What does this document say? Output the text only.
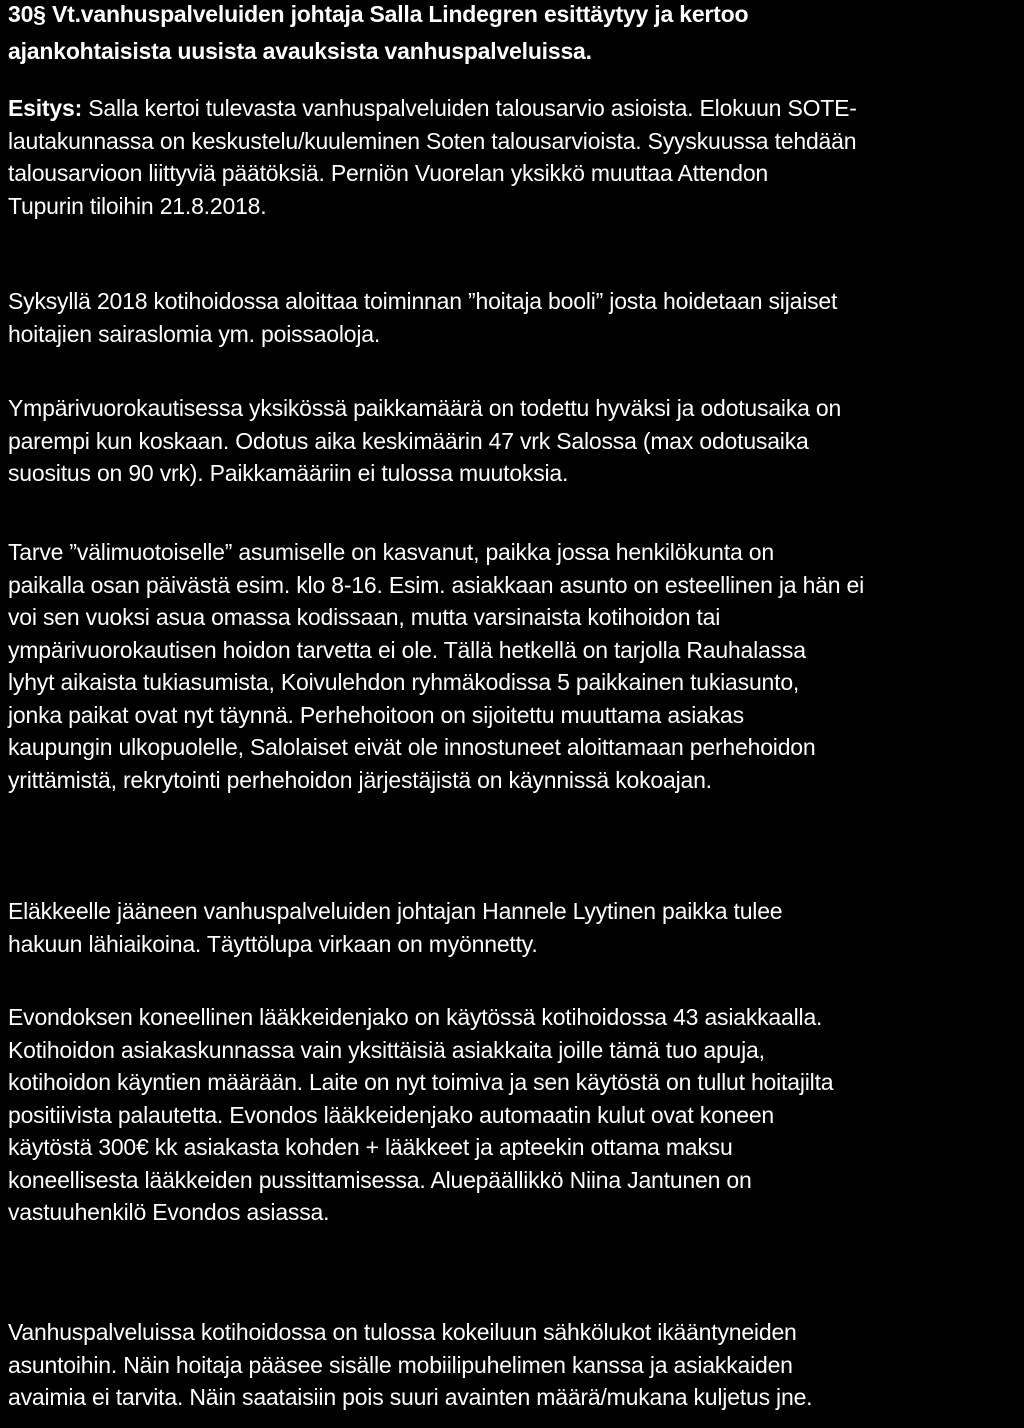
30§ Vt.vanhuspalveluiden johtaja Salla Lindegren esittäytyy ja kertoo
ajankohtaisista uusista avauksista vanhuspalveluissa.
Esitys: Salla kertoi tulevasta vanhuspalveluiden talousarvio asioista. Elokuun SOTE-
lautakunnassa on keskustelu/kuuleminen Soten talousarvioista. Syyskuussa tehdään
talousarvioon liittyviä päätöksiä. Perniön Vuorelan yksikkö muuttaa Attendon
Tupurin tiloihin 21.8.2018.
Syksyllä 2018 kotihoidossa aloittaa toiminnan ”hoitaja booli” josta hoidetaan sijaiset
hoitajien sairaslomia ym. poissaoloja.
Ympärivuorokautisessa yksikössä paikkamäärä on todettu hyväksi ja odotusaika on
parempi kun koskaan. Odotus aika keskimäärin 47 vrk Salossa (max odotusaika
suositus on 90 vrk). Paikkamääriin ei tulossa muutoksia.
Tarve ”välimuotoiselle” asumiselle on kasvanut, paikka jossa henkilökunta on
paikalla osan päivästä esim. klo 8-16. Esim. asiakkaan asunto on esteellinen ja hän ei
voi sen vuoksi asua omassa kodissaan, mutta varsinaista kotihoidon tai
ympärivuorokautisen hoidon tarvetta ei ole. Tällä hetkellä on tarjolla Rauhalassa
lyhyt aikaista tukiasumista, Koivulehdon ryhmäkodissa 5 paikkainen tukiasunto,
jonka paikat ovat nyt täynnä. Perhehoitoon on sijoitettu muuttama asiakas
kaupungin ulkopuolelle, Salolaiset eivät ole innostuneet aloittamaan perhehoidon
yrittämistä, rekrytointi perhehoidon järjestäjistä on käynnissä kokoajan.
Eläkkeelle jääneen vanhuspalveluiden johtajan Hannele Lyytinen paikka tulee
hakuun lähiaikoina. Täyttölupa virkaan on myönnetty.
Evondoksen koneellinen lääkkeidenjako on käytössä kotihoidossa 43 asiakkaalla.
Kotihoidon asiakaskunnassa vain yksittäisiä asiakkaita joille tämä tuo apuja,
kotihoidon käyntien määrään. Laite on nyt toimiva ja sen käytöstä on tullut hoitajilta
positiivista palautetta. Evondos lääkkeidenjako automaatin kulut ovat koneen
käytöstä 300€ kk asiakasta kohden + lääkkeet ja apteekin ottama maksu
koneellisesta lääkkeiden pussittamisessa. Aluepäällikkö Niina Jantunen on
vastuuhenkilö Evondos asiassa.
Vanhuspalveluissa kotihoidossa on tulossa kokeiluun sähkölukot ikääntyneiden
asuntoihin. Näin hoitaja pääsee sisälle mobiilipuhelimen kanssa ja asiakkaiden
avaimia ei tarvita. Näin saataisiin pois suuri avainten määrä/mukana kuljetus jne.
